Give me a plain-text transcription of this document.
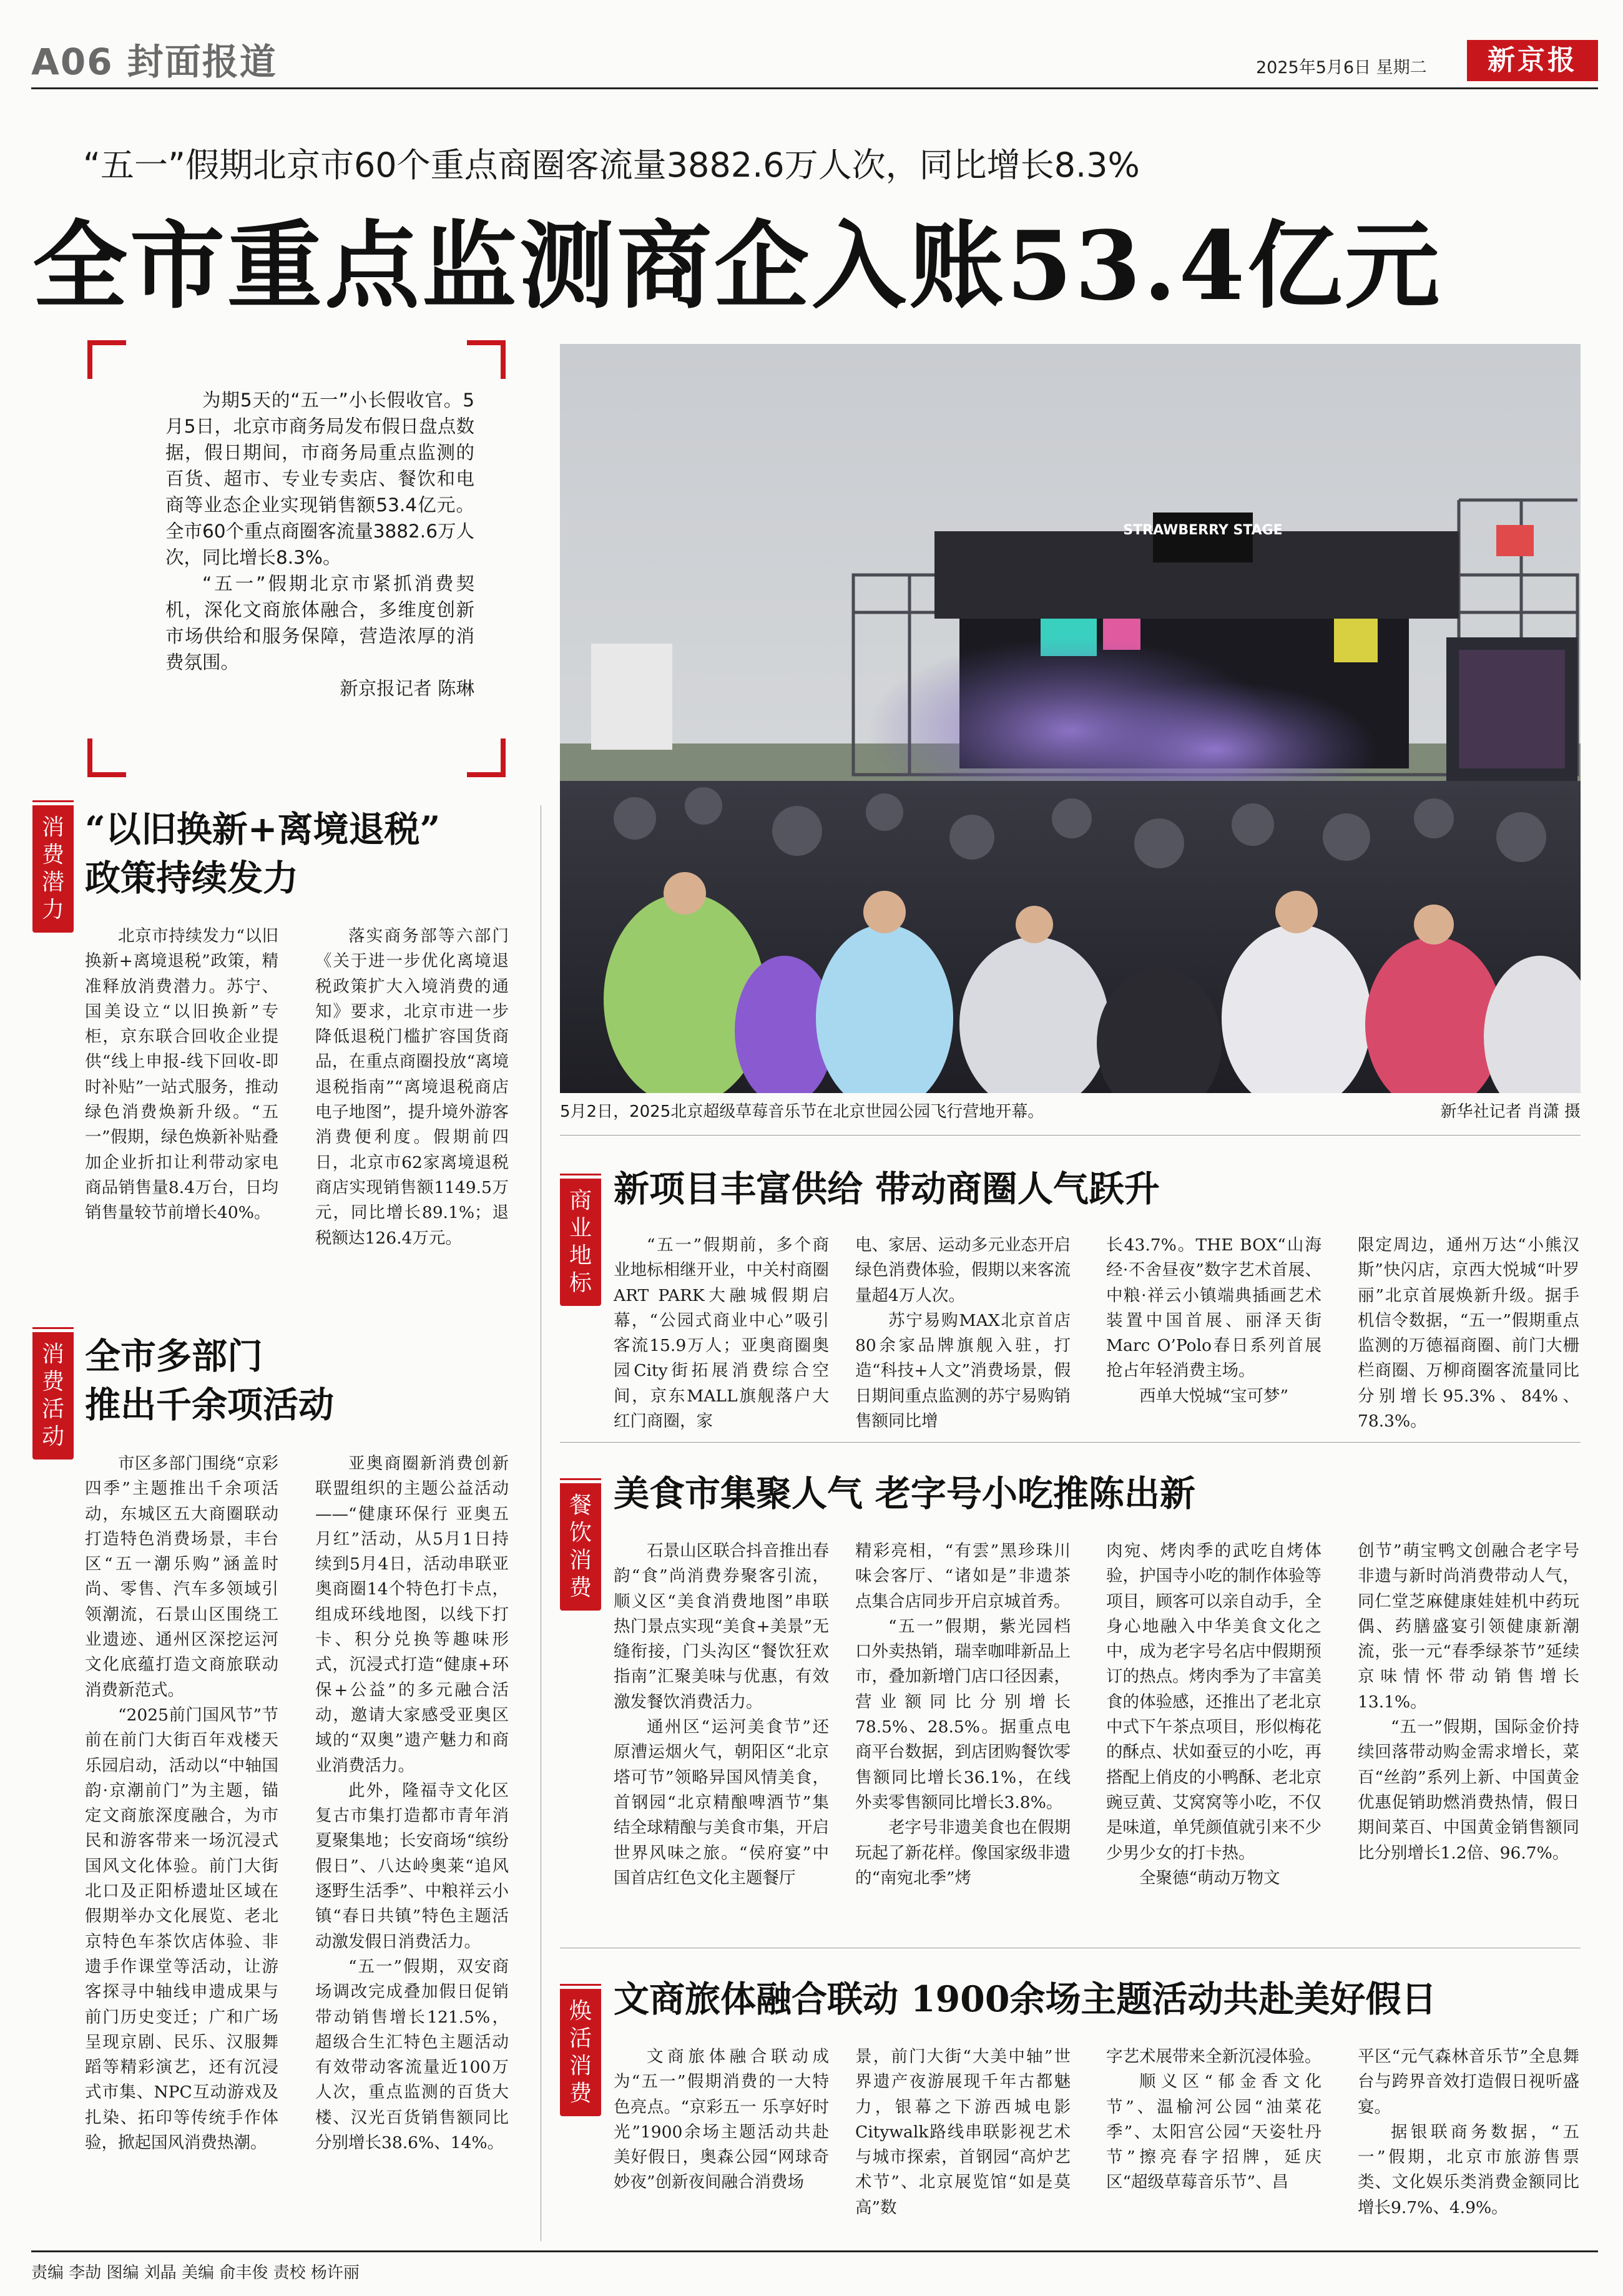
A06 封面报道	2025年5月6日 星期二	新京报
“五一”假期北京市60个重点商圈客流量3882.6万人次，同比增长8.3%
全市重点监测商企入账53.4亿元

为期5天的“五一”小长假收官。5月5日，北京市商务局发布假日盘点数据，假日期间，市商务局重点监测的百货、超市、专业专卖店、餐饮和电商等业态企业实现销售额53.4亿元。全市60个重点商圈客流量3882.6万人次，同比增长8.3%。

“五一”假期北京市紧抓消费契机，深化文商旅体融合，多维度创新市场供给和服务保障，营造浓厚的消费氛围。
新京报记者 陈琳

STRAWBERRY STAGE
5月2日，2025北京超级草莓音乐节在北京世园公园飞行营地开幕。	新华社记者 肖潇 摄
消
费
潜
力
“以旧换新+离境退税”
政策持续发力

北京市持续发力“以旧换新+离境退税”政策，精准释放消费潜力。苏宁、国美设立“以旧换新”专柜，京东联合回收企业提供“线上申报-线下回收-即时补贴”一站式服务，推动绿色消费焕新升级。“五一”假期，绿色焕新补贴叠加企业折扣让利带动家电商品销售量8.4万台，日均销售量较节前增长40%。

落实商务部等六部门《关于进一步优化离境退税政策扩大入境消费的通知》要求，北京市进一步降低退税门槛扩容国货商品，在重点商圈投放“离境退税指南”“离境退税商店电子地图”，提升境外游客消费便利度。假期前四日，北京市62家离境退税商店实现销售额1149.5万元，同比增长89.1%；退税额达126.4万元。

消
费
活
动
全市多部门
推出千余项活动

市区多部门围绕“京彩四季”主题推出千余项活动，东城区五大商圈联动打造特色消费场景，丰台区“五一潮乐购”涵盖时尚、零售、汽车多领域引领潮流，石景山区围绕工业遗迹、通州区深挖运河文化底蕴打造文商旅联动消费新范式。

“2025前门国风节”节前在前门大街百年戏楼天乐园启动，活动以“中轴国韵·京潮前门”为主题，锚定文商旅深度融合，为市民和游客带来一场沉浸式国风文化体验。前门大街北口及正阳桥遗址区域在假期举办文化展览、老北京特色车茶饮店体验、非遗手作课堂等活动，让游客探寻中轴线申遗成果与前门历史变迁；广和广场呈现京剧、民乐、汉服舞蹈等精彩演艺，还有沉浸式市集、NPC互动游戏及扎染、拓印等传统手作体验，掀起国风消费热潮。

亚奥商圈新消费创新联盟组织的主题公益活动——“健康环保行 亚奥五月红”活动，从5月1日持续到5月4日，活动串联亚奥商圈14个特色打卡点，组成环线地图，以线下打卡、积分兑换等趣味形式，沉浸式打造“健康+环保+公益”的多元融合活动，邀请大家感受亚奥区域的“双奥”遗产魅力和商业消费活力。

此外，隆福寺文化区复古市集打造都市青年消夏聚集地；长安商场“缤纷假日”、八达岭奥莱“追风逐野生活季”、中粮祥云小镇“春日共镇”特色主题活动激发假日消费活力。

“五一”假期，双安商场调改完成叠加假日促销带动销售增长121.5%，超级合生汇特色主题活动有效带动客流量近100万人次，重点监测的百货大楼、汉光百货销售额同比分别增长38.6%、14%。

商
业
地
标
新项目丰富供给 带动商圈人气跃升

“五一”假期前，多个商业地标相继开业，中关村商圈ART PARK大融城假期启幕，“公园式商业中心”吸引客流15.9万人；亚奥商圈奥园City街拓展消费综合空间，京东MALL旗舰落户大红门商圈，家

电、家居、运动多元业态开启绿色消费体验，假期以来客流量超4万人次。

苏宁易购MAX北京首店80余家品牌旗舰入驻，打造“科技+人文”消费场景，假日期间重点监测的苏宁易购销售额同比增

长43.7%。THE BOX“山海经·不舍昼夜”数字艺术首展、中粮·祥云小镇端典插画艺术装置中国首展、丽泽天街Marc O’Polo春日系列首展抢占年轻消费主场。

西单大悦城“宝可梦”

限定周边，通州万达“小熊汉斯”快闪店，京西大悦城“叶罗丽”北京首展焕新升级。据手机信令数据，“五一”假期重点监测的万德福商圈、前门大栅栏商圈、万柳商圈客流量同比分别增长95.3%、84%、78.3%。

餐
饮
消
费
美食市集聚人气 老字号小吃推陈出新

石景山区联合抖音推出春韵“食”尚消费券聚客引流，顺义区“美食消费地图”串联热门景点实现“美食+美景”无缝衔接，门头沟区“餐饮狂欢指南”汇聚美味与优惠，有效激发餐饮消费活力。

通州区“运河美食节”还原漕运烟火气，朝阳区“北京塔可节”领略异国风情美食，首钢园“北京精酿啤酒节”集结全球精酿与美食市集，开启世界风味之旅。“侯府宴”中国首店红色文化主题餐厅

精彩亮相，“有雲”黑珍珠川味会客厅、“诸如是”非遗茶点集合店同步开启京城首秀。

“五一”假期，紫光园档口外卖热销，瑞幸咖啡新品上市，叠加新增门店口径因素，营业额同比分别增长78.5%、28.5%。据重点电商平台数据，到店团购餐饮零售额同比增长36.1%，在线外卖零售额同比增长3.8%。

老字号非遗美食也在假期玩起了新花样。像国家级非遗的“南宛北季”烤

肉宛、烤肉季的武吃自烤体验，护国寺小吃的制作体验等项目，顾客可以亲自动手，全身心地融入中华美食文化之中，成为老字号名店中假期预订的热点。烤肉季为了丰富美食的体验感，还推出了老北京中式下午茶点项目，形似梅花的酥点、状如蚕豆的小吃，再搭配上俏皮的小鸭酥、老北京豌豆黄、艾窝窝等小吃，不仅是味道，单凭颜值就引来不少少男少女的打卡热。

全聚德“萌动万物文

创节”萌宝鸭文创融合老字号非遗与新时尚消费带动人气，同仁堂芝麻健康娃娃机中药玩偶、药膳盛宴引领健康新潮流，张一元“春季绿茶节”延续京味情怀带动销售增长13.1%。

“五一”假期，国际金价持续回落带动购金需求增长，菜百“丝韵”系列上新、中国黄金优惠促销助燃消费热情，假日期间菜百、中国黄金销售额同比分别增长1.2倍、96.7%。

焕
活
消
费
文商旅体融合联动 1900余场主题活动共赴美好假日

文商旅体融合联动成为“五一”假期消费的一大特色亮点。“京彩五一 乐享好时光”1900余场主题活动共赴美好假日，奥森公园“网球奇妙夜”创新夜间融合消费场

景，前门大街“大美中轴”世界遗产夜游展现千年古都魅力，银幕之下游西城电影Citywalk路线串联影视艺术与城市探索，首钢园“高炉艺术节”、北京展览馆“如是莫高”数

字艺术展带来全新沉浸体验。

顺义区“郁金香文化节”、温榆河公园“油菜花季”、太阳宫公园“天姿牡丹节”擦亮春字招牌，延庆区“超级草莓音乐节”、昌

平区“元气森林音乐节”全息舞台与跨界音效打造假日视听盛宴。

据银联商务数据，“五一”假期，北京市旅游售票类、文化娱乐类消费金额同比增长9.7%、4.9%。

责编 李劼 图编 刘晶 美编 俞丰俊 责校 杨许丽
